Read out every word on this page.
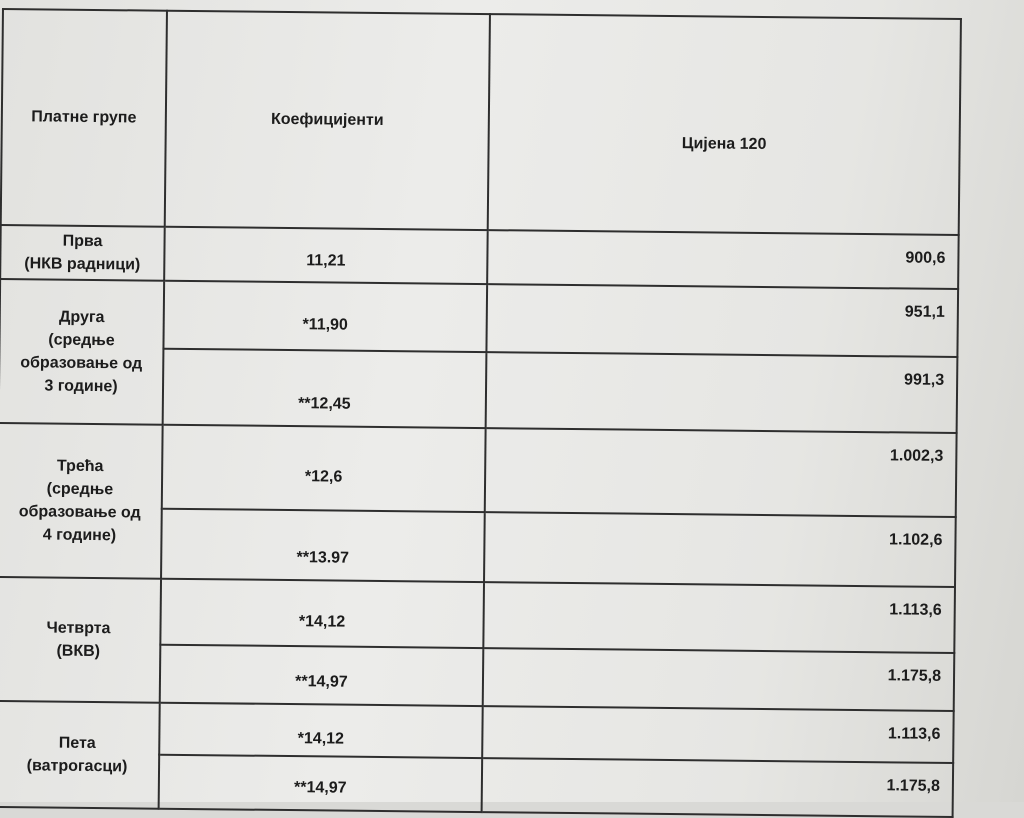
Платне групе	Коефицијенти	Цијена 120

Прва
(НКВ радници)	11,21	900,6

Друга
(средње
образовање од
3 године)	*11,90	951,1
	**12,45	991,3

Трећа
(средње
образовање од
4 године)	*12,6	1.002,3
	**13.97	1.102,6

Четврта
(ВКВ)	*14,12	1.113,6
	**14,97	1.175,8

Пета
(ватрогасци)	*14,12	1.113,6
	**14,97	1.175,8
